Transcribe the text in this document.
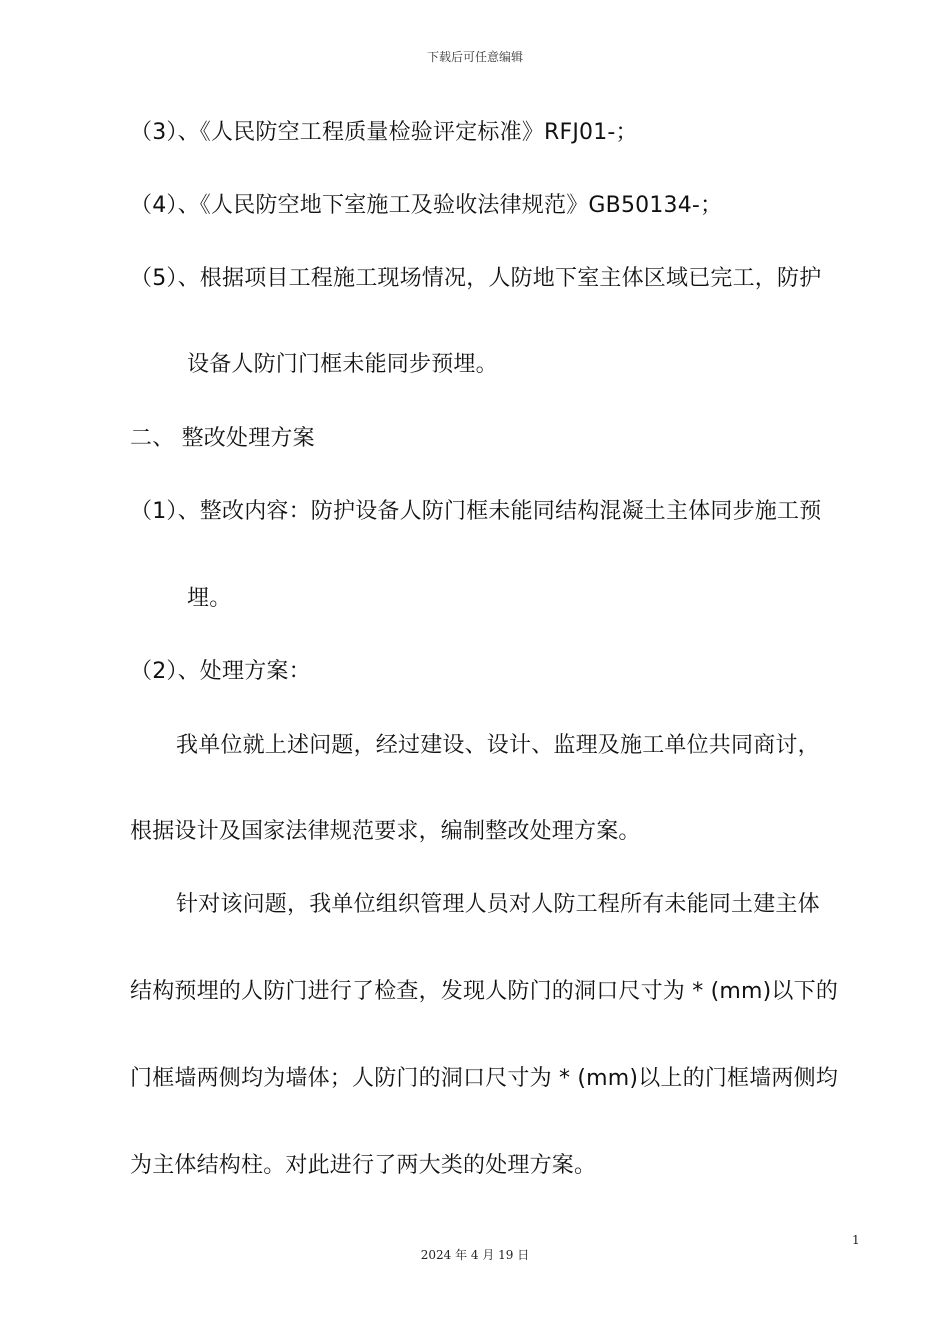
下载后可任意编辑
（3）、《人民防空工程质量检验评定标准》RFJ01-；
（4）、《人民防空地下室施工及验收法律规范》GB50134-；
（5）、根据项目工程施工现场情况，人防地下室主体区域已完工，防护
设备人防门门框未能同步预埋。
二、 整改处理方案
（1）、整改内容：防护设备人防门框未能同结构混凝土主体同步施工预
埋。
（2）、处理方案：
我单位就上述问题，经过建设、设计、监理及施工单位共同商讨，
根据设计及国家法律规范要求，编制整改处理方案。
针对该问题，我单位组织管理人员对人防工程所有未能同土建主体
结构预埋的人防门进行了检查，发现人防门的洞口尺寸为 * (mm)以下的
门框墙两侧均为墙体；人防门的洞口尺寸为 * (mm)以上的门框墙两侧均
为主体结构柱。对此进行了两大类的处理方案。
1
2024 年 4 月 19 日
